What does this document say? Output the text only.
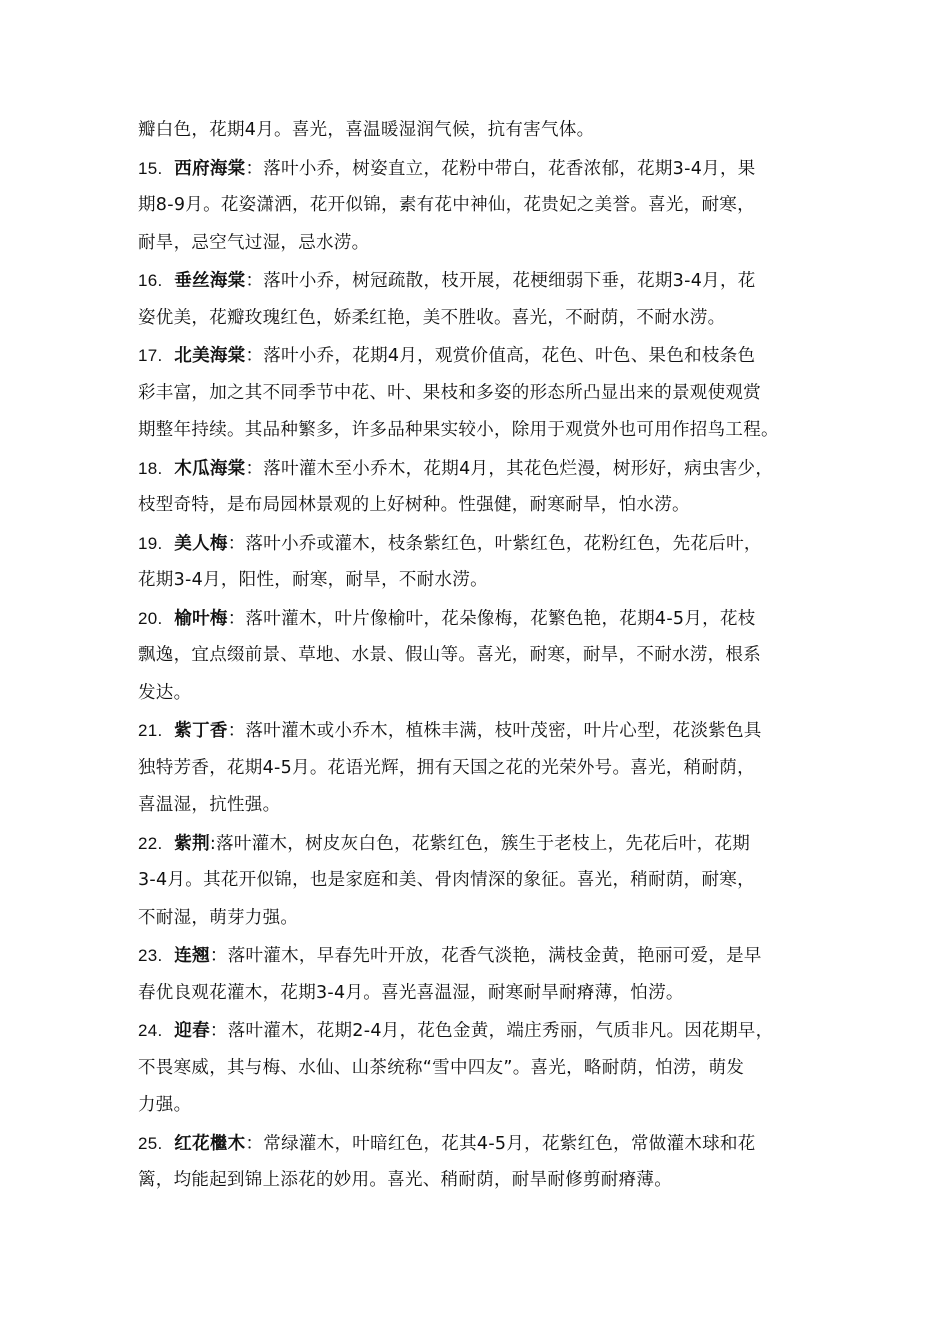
瓣白色，花期4月。喜光，喜温暖湿润气候，抗有害气体。
15. 西府海棠：落叶小乔，树姿直立，花粉中带白，花香浓郁，花期3-4月，果
期8-9月。花姿潇洒，花开似锦，素有花中神仙，花贵妃之美誉。喜光，耐寒，
耐旱，忌空气过湿，忌水涝。
16. 垂丝海棠：落叶小乔，树冠疏散，枝开展，花梗细弱下垂，花期3-4月，花
姿优美，花瓣玫瑰红色，娇柔红艳，美不胜收。喜光，不耐荫，不耐水涝。
17. 北美海棠：落叶小乔，花期4月，观赏价值高，花色、叶色、果色和枝条色
彩丰富，加之其不同季节中花、叶、果枝和多姿的形态所凸显出来的景观使观赏
期整年持续。其品种繁多，许多品种果实较小，除用于观赏外也可用作招鸟工程。
18. 木瓜海棠：落叶灌木至小乔木，花期4月，其花色烂漫，树形好，病虫害少，
枝型奇特，是布局园林景观的上好树种。性强健，耐寒耐旱，怕水涝。
19. 美人梅：落叶小乔或灌木，枝条紫红色，叶紫红色，花粉红色，先花后叶，
花期3-4月，阳性，耐寒，耐旱，不耐水涝。
20. 榆叶梅：落叶灌木，叶片像榆叶，花朵像梅，花繁色艳，花期4-5月，花枝
飘逸，宜点缀前景、草地、水景、假山等。喜光，耐寒，耐旱，不耐水涝，根系
发达。
21. 紫丁香：落叶灌木或小乔木，植株丰满，枝叶茂密，叶片心型，花淡紫色具
独特芳香，花期4-5月。花语光辉，拥有天国之花的光荣外号。喜光，稍耐荫，
喜温湿，抗性强。
22. 紫荆:落叶灌木，树皮灰白色，花紫红色，簇生于老枝上，先花后叶，花期
3-4月。其花开似锦，也是家庭和美、骨肉情深的象征。喜光，稍耐荫，耐寒，
不耐湿，萌芽力强。
23. 连翘：落叶灌木，早春先叶开放，花香气淡艳，满枝金黄，艳丽可爱，是早
春优良观花灌木，花期3-4月。喜光喜温湿，耐寒耐旱耐瘠薄，怕涝。
24. 迎春：落叶灌木，花期2-4月，花色金黄，端庄秀丽，气质非凡。因花期早，
不畏寒威，其与梅、水仙、山茶统称“雪中四友”。喜光，略耐荫，怕涝，萌发
力强。
25. 红花檵木：常绿灌木，叶暗红色，花其4-5月，花紫红色，常做灌木球和花
篱，均能起到锦上添花的妙用。喜光、稍耐荫，耐旱耐修剪耐瘠薄。
